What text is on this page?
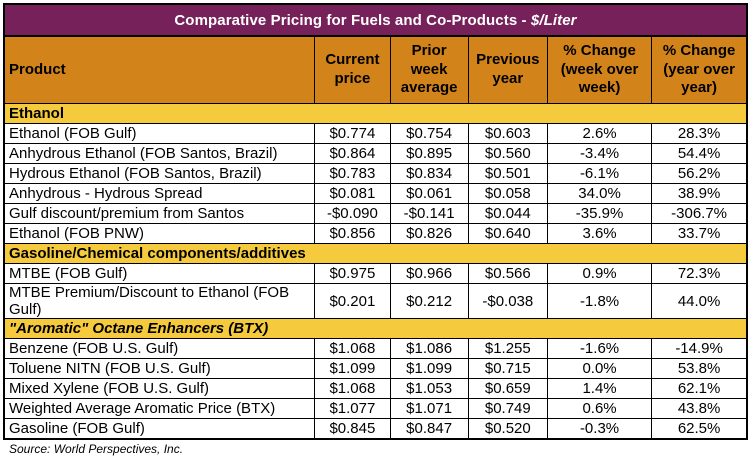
Comparative Pricing for Fuels and Co-Products - $/Liter					
Product	Current price	Prior week average	Previous year	% Change (week over week)	% Change (year over year)
Ethanol					
Ethanol (FOB Gulf)	$0.774	$0.754	$0.603	2.6%	28.3%
Anhydrous Ethanol (FOB Santos, Brazil)	$0.864	$0.895	$0.560	-3.4%	54.4%
Hydrous Ethanol (FOB Santos, Brazil)	$0.783	$0.834	$0.501	-6.1%	56.2%
Anhydrous - Hydrous Spread	$0.081	$0.061	$0.058	34.0%	38.9%
Gulf discount/premium from Santos	-$0.090	-$0.141	$0.044	-35.9%	-306.7%
Ethanol (FOB PNW)	$0.856	$0.826	$0.640	3.6%	33.7%
Gasoline/Chemical components/additives					
MTBE (FOB Gulf)	$0.975	$0.966	$0.566	0.9%	72.3%
MTBE Premium/Discount to Ethanol (FOB Gulf)	$0.201	$0.212	-$0.038	-1.8%	44.0%
"Aromatic" Octane Enhancers (BTX)					
Benzene (FOB U.S. Gulf)	$1.068	$1.086	$1.255	-1.6%	-14.9%
Toluene NITN (FOB U.S. Gulf)	$1.099	$1.099	$0.715	0.0%	53.8%
Mixed Xylene (FOB U.S. Gulf)	$1.068	$1.053	$0.659	1.4%	62.1%
Weighted Average Aromatic Price (BTX)	$1.077	$1.071	$0.749	0.6%	43.8%
Gasoline (FOB Gulf)	$0.845	$0.847	$0.520	-0.3%	62.5%
Source: World Perspectives, Inc.
